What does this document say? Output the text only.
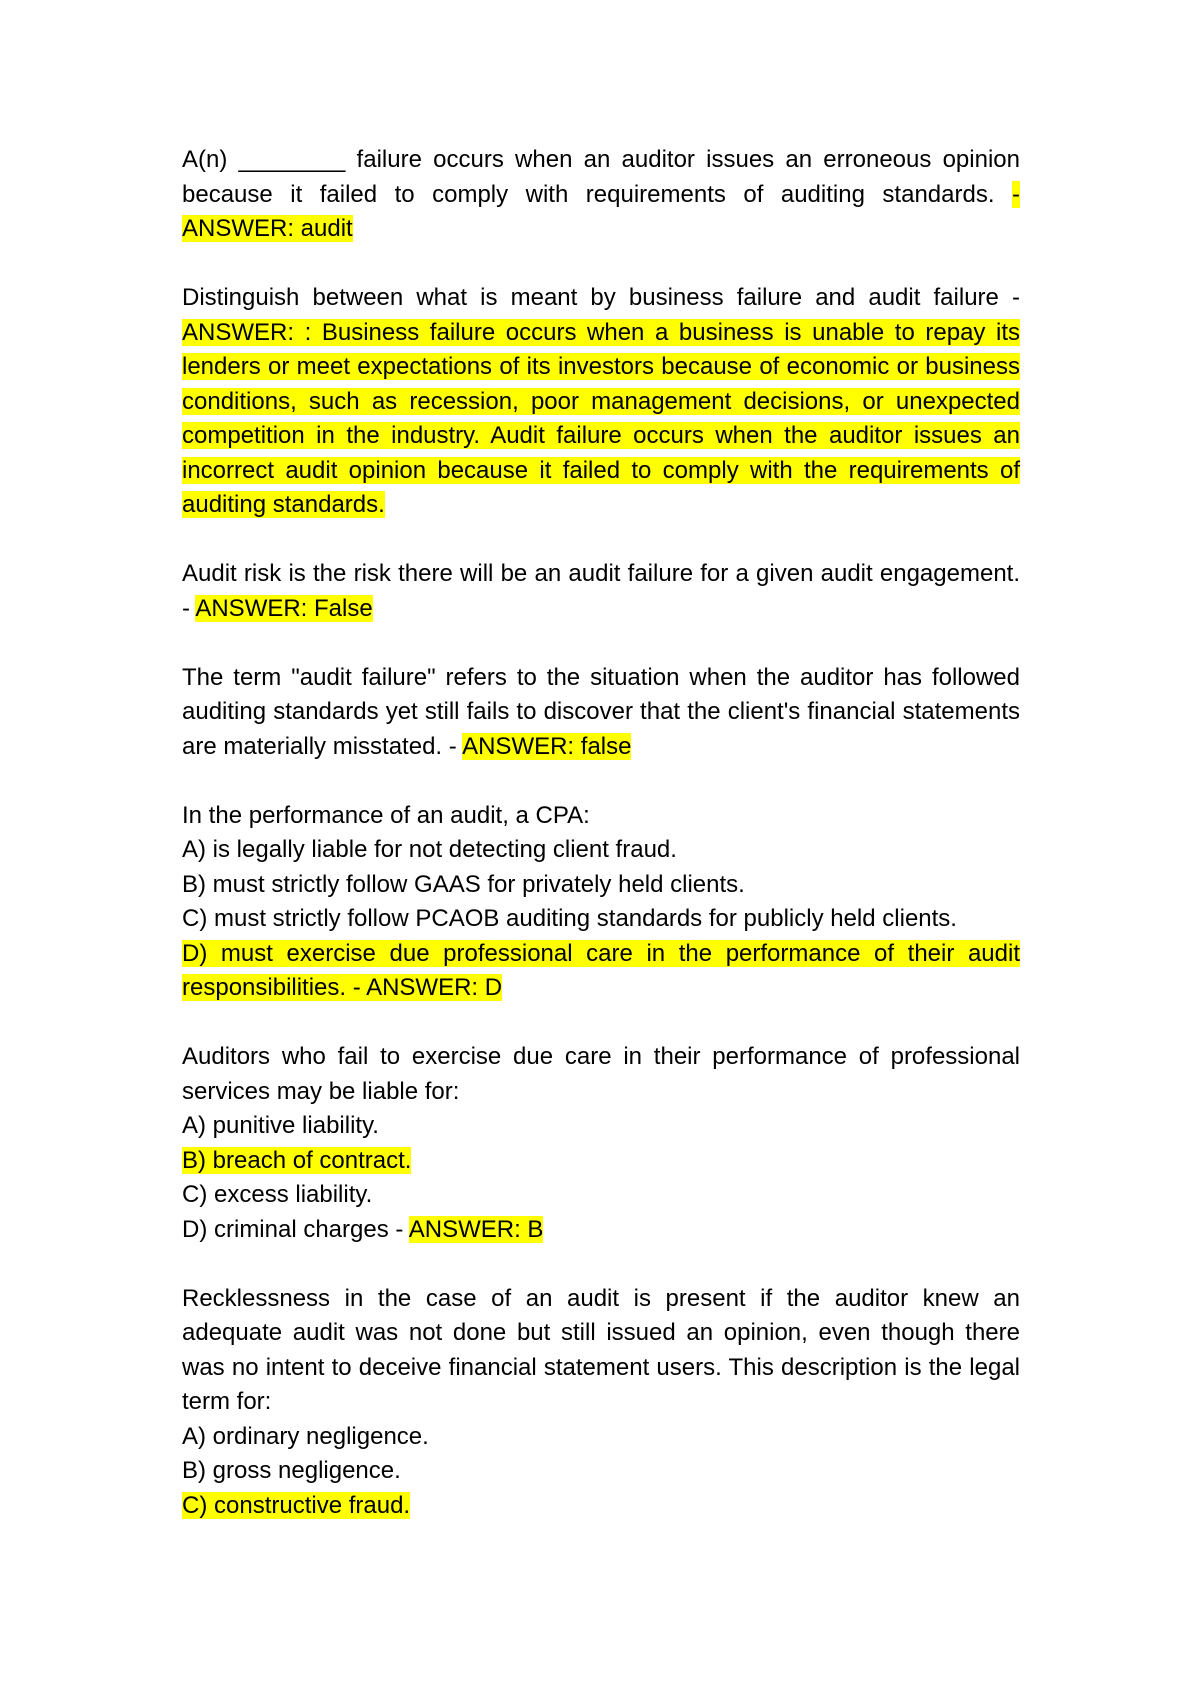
A(n) ________ failure occurs when an auditor issues an erroneous opinion because it failed to comply with requirements of auditing standards. - ANSWER: audit

Distinguish between what is meant by business failure and audit failure - ANSWER: : Business failure occurs when a business is unable to repay its lenders or meet expectations of its investors because of economic or business conditions, such as recession, poor management decisions, or unexpected competition in the industry. Audit failure occurs when the auditor issues an incorrect audit opinion because it failed to comply with the requirements of auditing standards.

Audit risk is the risk there will be an audit failure for a given audit engagement. - ANSWER: False

The term "audit failure" refers to the situation when the auditor has followed auditing standards yet still fails to discover that the client's financial statements are materially misstated. - ANSWER: false

In the performance of an audit, a CPA:
A) is legally liable for not detecting client fraud.
B) must strictly follow GAAS for privately held clients.
C) must strictly follow PCAOB auditing standards for publicly held clients.
D) must exercise due professional care in the performance of their audit responsibilities. - ANSWER: D
Auditors who fail to exercise due care in their performance of professional services may be liable for:
A) punitive liability.
B) breach of contract.
C) excess liability.
D) criminal charges - ANSWER: B
Recklessness in the case of an audit is present if the auditor knew an adequate audit was not done but still issued an opinion, even though there was no intent to deceive financial statement users. This description is the legal term for:
A) ordinary negligence.
B) gross negligence.
C) constructive fraud.
